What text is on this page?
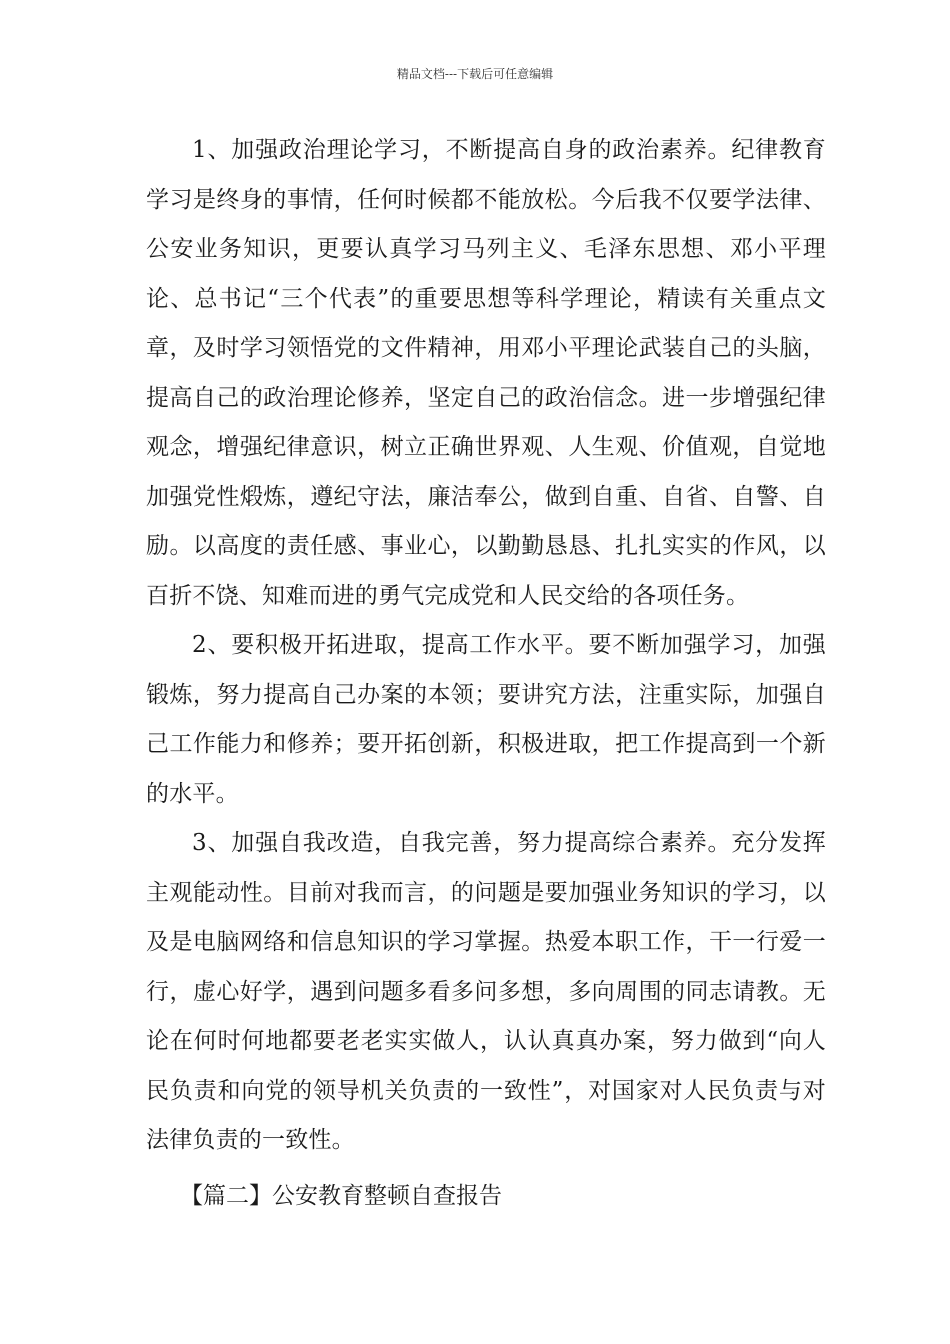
精品文档---下载后可任意编辑

1、加强政治理论学习，不断提高自身的政治素养。纪律教育学习是终身的事情，任何时候都不能放松。今后我不仅要学法律、公安业务知识，更要认真学习马列主义、毛泽东思想、邓小平理论、总书记“三个代表”的重要思想等科学理论，精读有关重点文章，及时学习领悟党的文件精神，用邓小平理论武装自己的头脑，提高自己的政治理论修养，坚定自己的政治信念。进一步增强纪律观念，增强纪律意识，树立正确世界观、人生观、价值观，自觉地加强党性煅炼，遵纪守法，廉洁奉公，做到自重、自省、自警、自励。以高度的责任感、事业心，以勤勤恳恳、扎扎实实的作风，以百折不饶、知难而进的勇气完成党和人民交给的各项任务。

2、要积极开拓进取，提高工作水平。要不断加强学习，加强锻炼，努力提高自己办案的本领；要讲究方法，注重实际，加强自己工作能力和修养；要开拓创新，积极进取，把工作提高到一个新的水平。

3、加强自我改造，自我完善，努力提高综合素养。充分发挥主观能动性。目前对我而言，的问题是要加强业务知识的学习，以及是电脑网络和信息知识的学习掌握。热爱本职工作，干一行爱一行，虚心好学，遇到问题多看多问多想，多向周围的同志请教。无论在何时何地都要老老实实做人，认认真真办案，努力做到“向人民负责和向党的领导机关负责的一致性”，对国家对人民负责与对法律负责的一致性。

【篇二】公安教育整顿自查报告
